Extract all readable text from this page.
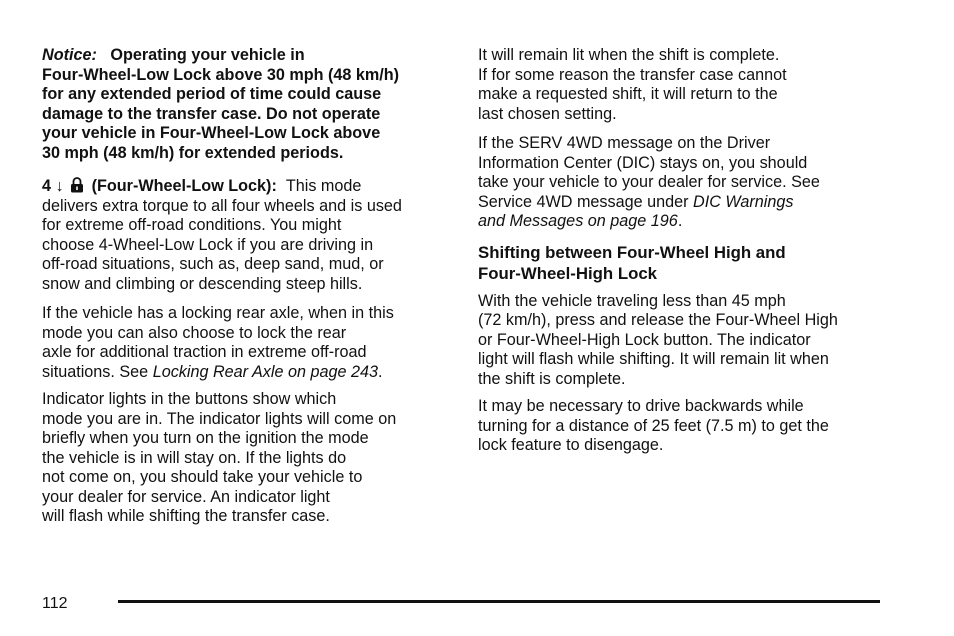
Notice: Operating your vehicle in
Four-Wheel-Low Lock above 30 mph (48 km/h)
for any extended period of time could cause
damage to the transfer case. Do not operate
your vehicle in Four-Wheel-Low Lock above
30 mph (48 km/h) for extended periods.

4 ↓ (Four-Wheel-Low Lock): This mode
delivers extra torque to all four wheels and is used
for extreme off-road conditions. You might
choose 4-Wheel-Low Lock if you are driving in
off-road situations, such as, deep sand, mud, or
snow and climbing or descending steep hills.

If the vehicle has a locking rear axle, when in this
mode you can also choose to lock the rear
axle for additional traction in extreme off-road
situations. See Locking Rear Axle on page 243.

Indicator lights in the buttons show which
mode you are in. The indicator lights will come on
briefly when you turn on the ignition the mode
the vehicle is in will stay on. If the lights do
not come on, you should take your vehicle to
your dealer for service. An indicator light
will flash while shifting the transfer case.

It will remain lit when the shift is complete.
If for some reason the transfer case cannot
make a requested shift, it will return to the
last chosen setting.

If the SERV 4WD message on the Driver
Information Center (DIC) stays on, you should
take your vehicle to your dealer for service. See
Service 4WD message under DIC Warnings
and Messages on page 196.

Shifting between Four-Wheel High and
Four-Wheel-High Lock

With the vehicle traveling less than 45 mph
(72 km/h), press and release the Four-Wheel High
or Four-Wheel-High Lock button. The indicator
light will flash while shifting. It will remain lit when
the shift is complete.

It may be necessary to drive backwards while
turning for a distance of 25 feet (7.5 m) to get the
lock feature to disengage.

112
